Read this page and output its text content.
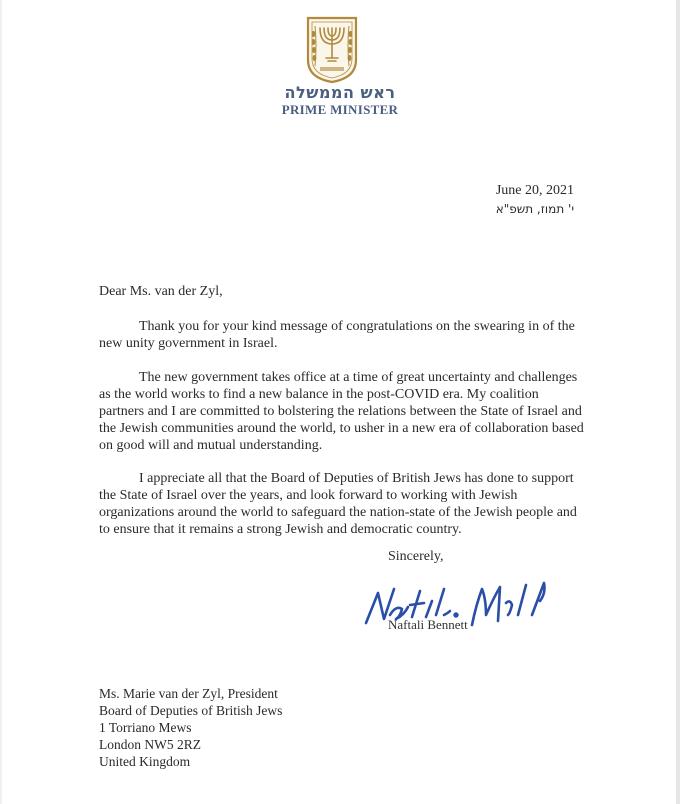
ראש הממשלה
PRIME MINISTER
June 20, 2021
י' תמוז, תשפ"א
Dear Ms. van der Zyl,

Thank you for your kind message of congratulations on the swearing in of the new unity government in Israel.

The new government takes office at a time of great uncertainty and challenges as the world works to find a new balance in the post-COVID era. My coalition partners and I are committed to bolstering the relations between the State of Israel and the Jewish communities around the world, to usher in a new era of collaboration based on good will and mutual understanding.

I appreciate all that the Board of Deputies of British Jews has done to support the State of Israel over the years, and look forward to working with Jewish organizations around the world to safeguard the nation-state of the Jewish people and to ensure that it remains a strong Jewish and democratic country.

Sincerely,
Naftali Bennett
Ms. Marie van der Zyl, President
Board of Deputies of British Jews
1 Torriano Mews
London NW5 2RZ
United Kingdom
